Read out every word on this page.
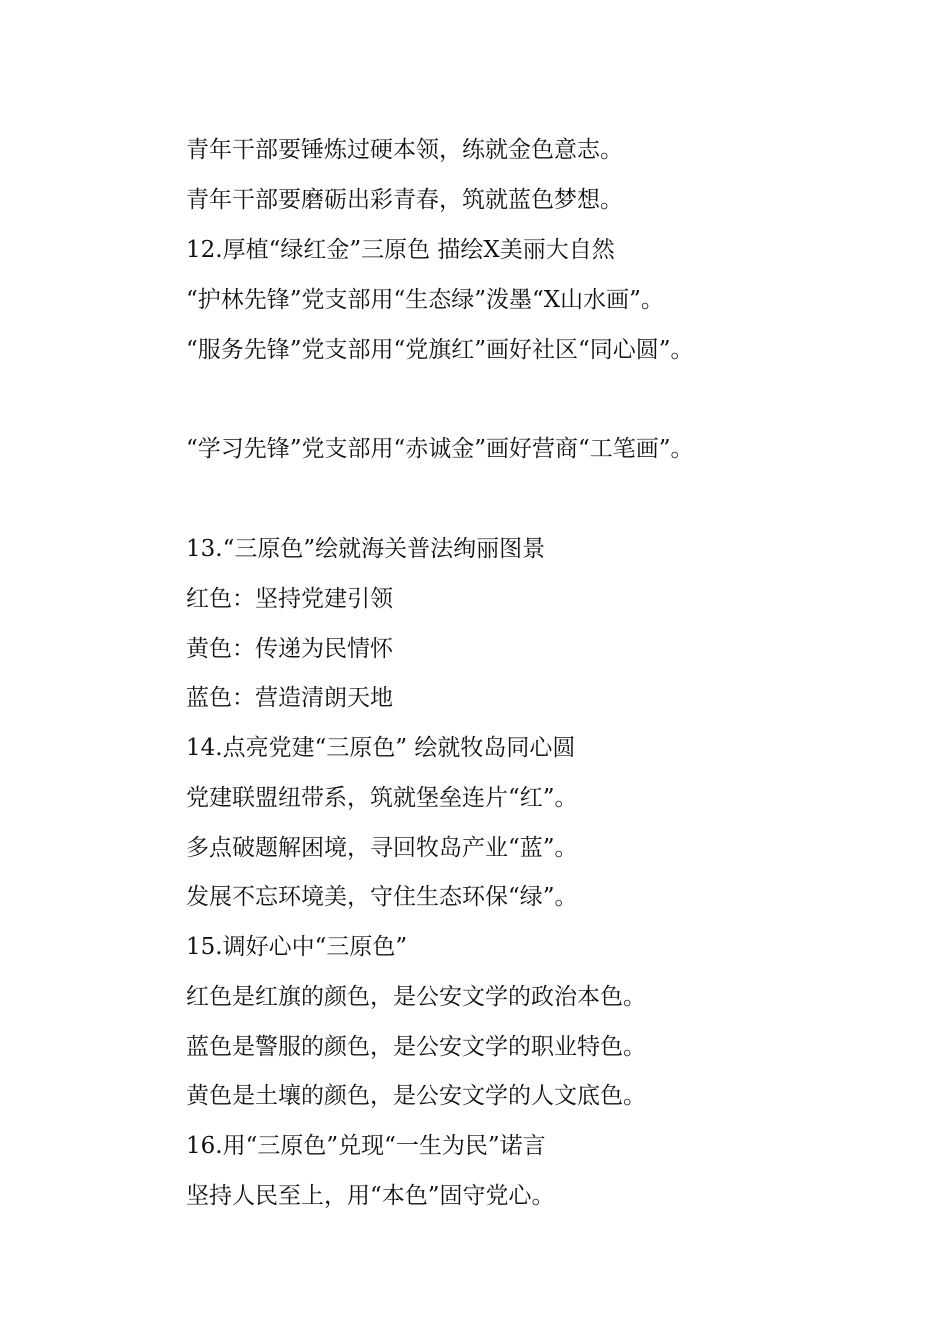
青年干部要锤炼过硬本领，练就金色意志。
青年干部要磨砺出彩青春，筑就蓝色梦想。
12.厚植“绿红金”三原色 描绘X美丽大自然
“护林先锋”党支部用“生态绿”泼墨“X山水画”。
“服务先锋”党支部用“党旗红”画好社区“同心圆”。
“学习先锋”党支部用“赤诚金”画好营商“工笔画”。
13.“三原色”绘就海关普法绚丽图景
红色：坚持党建引领
黄色：传递为民情怀
蓝色：营造清朗天地
14.点亮党建“三原色” 绘就牧岛同心圆
党建联盟纽带系，筑就堡垒连片“红”。
多点破题解困境，寻回牧岛产业“蓝”。
发展不忘环境美，守住生态环保“绿”。
15.调好心中“三原色”
红色是红旗的颜色，是公安文学的政治本色。
蓝色是警服的颜色，是公安文学的职业特色。
黄色是土壤的颜色，是公安文学的人文底色。
16.用“三原色”兑现“一生为民”诺言
坚持人民至上，用“本色”固守党心。
